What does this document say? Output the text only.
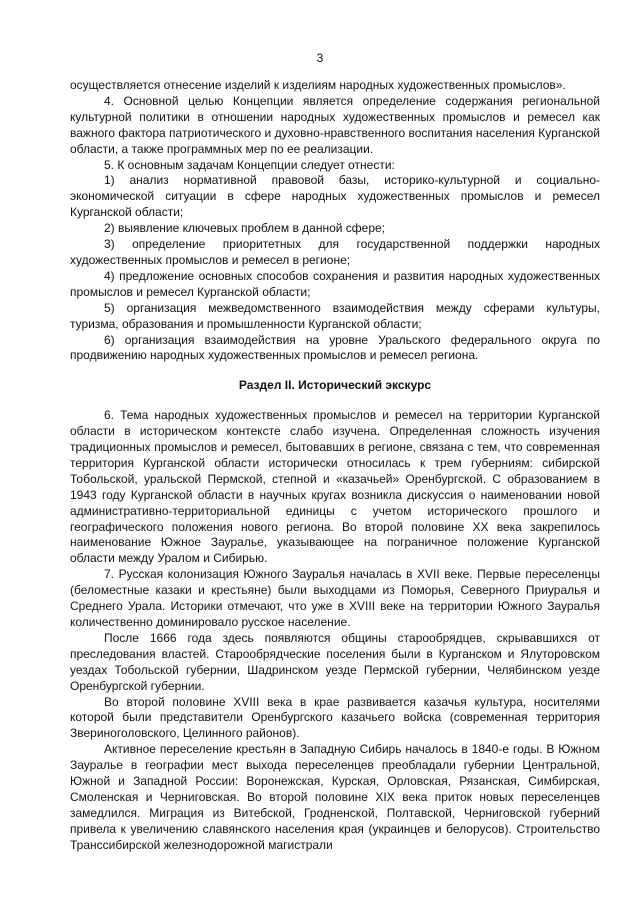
3

осуществляется отнесение изделий к изделиям народных художественных промыслов».

4. Основной целью Концепции является определение содержания региональной культурной политики в отношении народных художественных промыслов и ремесел как важного фактора патриотического и духовно-нравственного воспитания населения Курганской области, а также программных мер по ее реализации.

5. К основным задачам Концепции следует отнести:

1) анализ нормативной правовой базы, историко-культурной и социально-экономической ситуации в сфере народных художественных промыслов и ремесел Курганской области;

2) выявление ключевых проблем в данной сфере;

3) определение приоритетных для государственной поддержки народных художественных промыслов и ремесел в регионе;

4) предложение основных способов сохранения и развития народных художественных промыслов и ремесел Курганской области;

5) организация межведомственного взаимодействия между сферами культуры, туризма, образования и промышленности Курганской области;

6) организация взаимодействия на уровне Уральского федерального округа по продвижению народных художественных промыслов и ремесел региона.

Раздел II. Исторический экскурс

6. Тема народных художественных промыслов и ремесел на территории Курганской области в историческом контексте слабо изучена. Определенная сложность изучения традиционных промыслов и ремесел, бытовавших в регионе, связана с тем, что современная территория Курганской области исторически относилась к трем губерниям: сибирской Тобольской, уральской Пермской, степной и «казачьей» Оренбургской. С образованием в 1943 году Курганской области в научных кругах возникла дискуссия о наименовании новой административно-территориальной единицы с учетом исторического прошлого и географического положения нового региона. Во второй половине XX века закрепилось наименование Южное Зауралье, указывающее на пограничное положение Курганской области между Уралом и Сибирью.

7. Русская колонизация Южного Зауралья началась в XVII веке. Первые переселенцы (беломестные казаки и крестьяне) были выходцами из Поморья, Северного Приуралья и Среднего Урала. Историки отмечают, что уже в XVIII веке на территории Южного Зауралья количественно доминировало русское население.

После 1666 года здесь появляются общины старообрядцев, скрывавшихся от преследования властей. Старообрядческие поселения были в Курганском и Ялуторовском уездах Тобольской губернии, Шадринском уезде Пермской губернии, Челябинском уезде Оренбургской губернии.

Во второй половине XVIII века в крае развивается казачья культура, носителями которой были представители Оренбургского казачьего войска (современная территория Звериноголовского, Целинного районов).

Активное переселение крестьян в Западную Сибирь началось в 1840-е годы. В Южном Зауралье в географии мест выхода переселенцев преобладали губернии Центральной, Южной и Западной России: Воронежская, Курская, Орловская, Рязанская, Симбирская, Смоленская и Черниговская. Во второй половине XIX века приток новых переселенцев замедлился. Миграция из Витебской, Гродненской, Полтавской, Черниговской губерний привела к увеличению славянского населения края (украинцев и белорусов). Строительство Транссибирской железнодорожной магистрали
